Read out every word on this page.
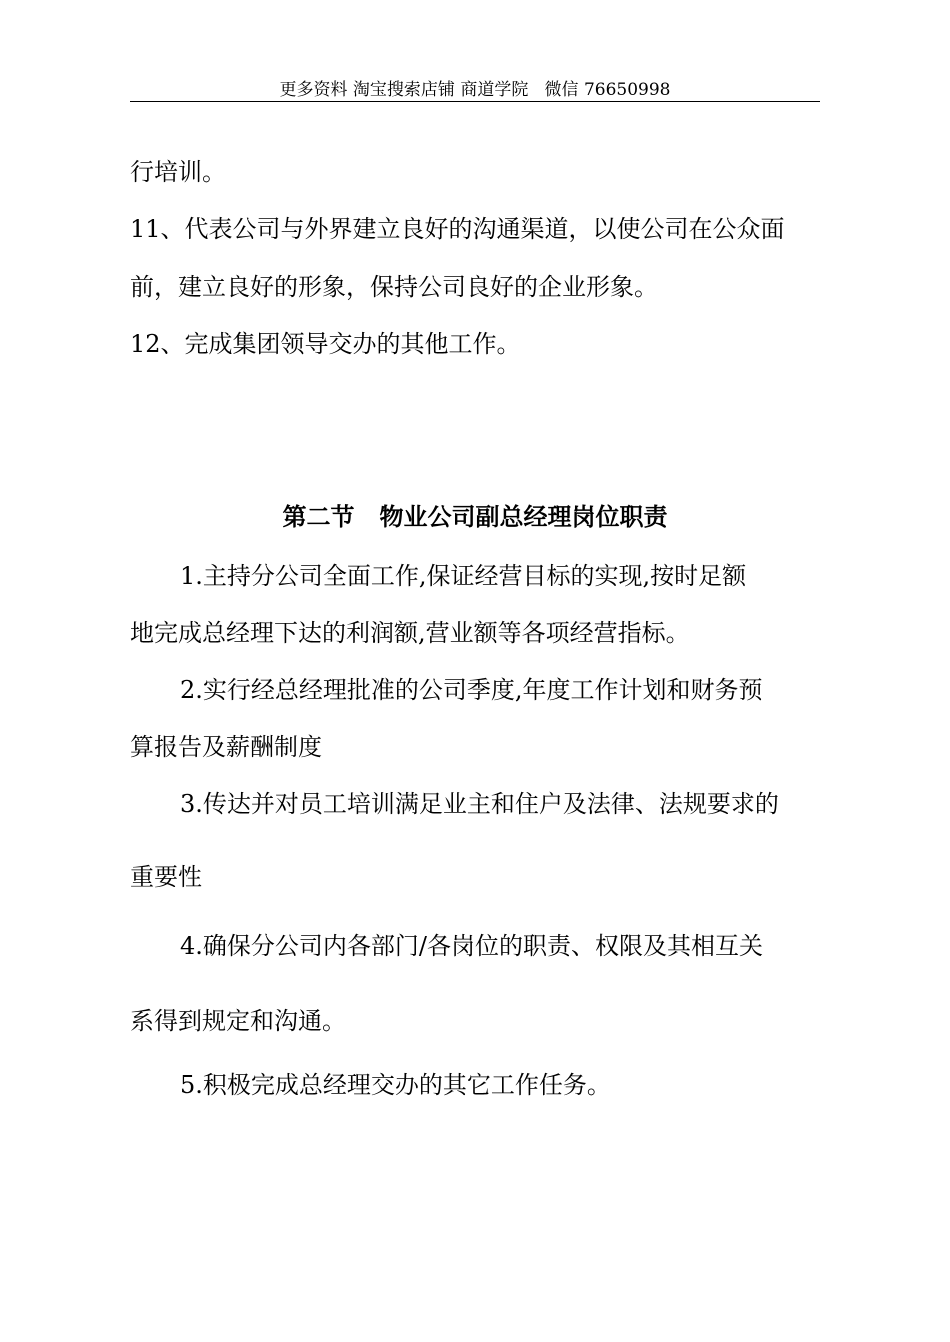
更多资料 淘宝搜索店铺 商道学院   微信 76650998
行培训。
11、代表公司与外界建立良好的沟通渠道，以使公司在公众面
前，建立良好的形象，保持公司良好的企业形象。
12、完成集团领导交办的其他工作。
第二节   物业公司副总经理岗位职责
1.主持分公司全面工作,保证经营目标的实现,按时足额
地完成总经理下达的利润额,营业额等各项经营指标。
2.实行经总经理批准的公司季度,年度工作计划和财务预
算报告及薪酬制度
3.传达并对员工培训满足业主和住户及法律、法规要求的
重要性
4.确保分公司内各部门/各岗位的职责、权限及其相互关
系得到规定和沟通。
5.积极完成总经理交办的其它工作任务。
